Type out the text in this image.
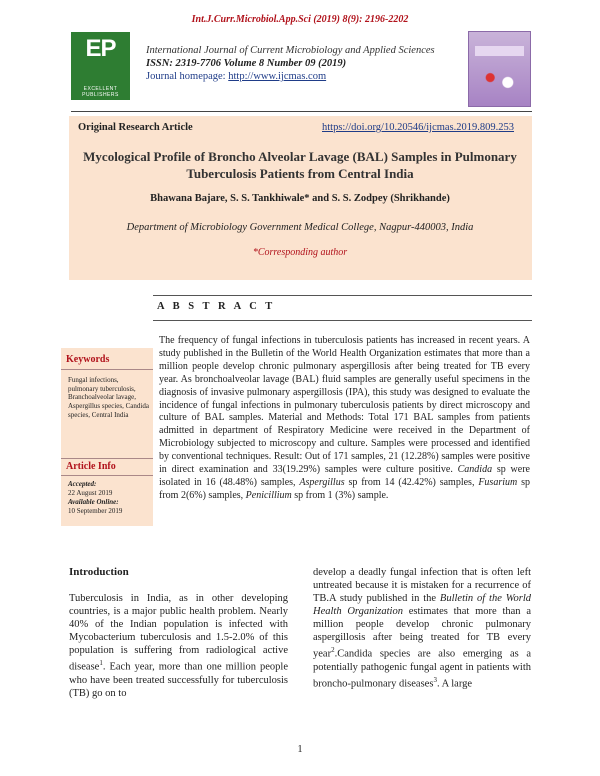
Int.J.Curr.Microbiol.App.Sci (2019) 8(9): 2196-2202
EP
EXCELLENT PUBLISHERS
International Journal of Current Microbiology and Applied Sciences
ISSN: 2319-7706 Volume 8 Number 09 (2019)
Journal homepage: http://www.ijcmas.com
Original Research Article	https://doi.org/10.20546/ijcmas.2019.809.253
Mycological Profile of Broncho Alveolar Lavage (BAL) Samples in Pulmonary Tuberculosis Patients from Central India
Bhawana Bajare, S. S. Tankhiwale* and S. S. Zodpey (Shrikhande)
Department of Microbiology Government Medical College, Nagpur-440003, India
*Corresponding author
A B S T R A C T
Keywords
Fungal infections, pulmonary tuberculosis, Branchoalveolar lavage, Aspergillus species, Candida species, Central India
Article Info
Accepted:
22 August 2019
Available Online:
10 September 2019
The frequency of fungal infections in tuberculosis patients has increased in recent years. A study published in the Bulletin of the World Health Organization estimates that more than a million people develop chronic pulmonary aspergillosis after being treated for TB every year. As bronchoalveolar lavage (BAL) fluid samples are generally useful specimens in the diagnosis of invasive pulmonary aspergillosis (IPA), this study was designed to evaluate the incidence of fungal infections in pulmonary tuberculosis patients by direct microscopy and culture of BAL samples. Material and Methods: Total 171 BAL samples from patients admitted in department of Respiratory Medicine were received in the Department of Microbiology subjected to microscopy and culture. Samples were processed and identified by conventional techniques. Result: Out of 171 samples, 21 (12.28%) samples were positive in direct examination and 33(19.29%) samples were culture positive. Candida sp were isolated in 16 (48.48%) samples, Aspergillus sp from 14 (42.42%) samples, Fusarium sp from 2(6%) samples, Penicillium sp from 1 (3%) sample.
Introduction
Tuberculosis in India, as in other developing countries, is a major public health problem. Nearly 40% of the Indian population is infected with Mycobacterium tuberculosis and 1.5-2.0% of this population is suffering from radiological active disease$^1$. Each year, more than one million people who have been treated successfully for tuberculosis (TB) go on to
develop a deadly fungal infection that is often left untreated because it is mistaken for a recurrence of TB.A study published in the Bulletin of the World Health Organization estimates that more than a million people develop chronic pulmonary aspergillosis after being treated for TB every year$^2$.Candida species are also emerging as a potentially pathogenic fungal agent in patients with broncho-pulmonary diseases$^3$. A large
1
